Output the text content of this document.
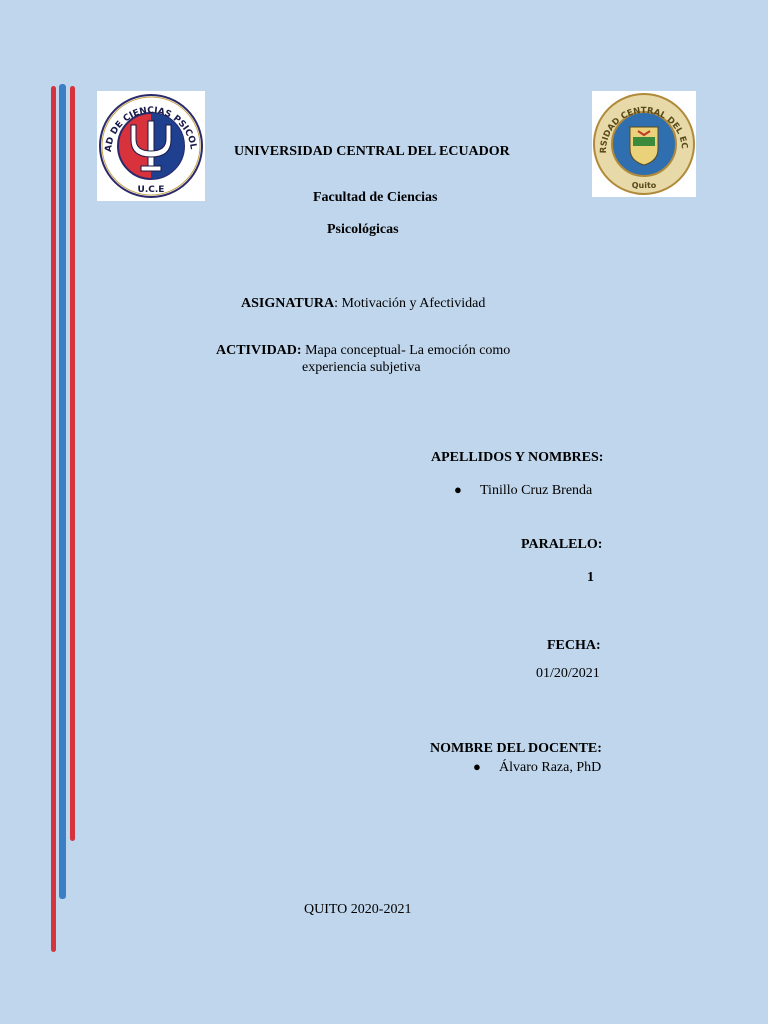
AD DE CIENCIAS PSICOL
U.C.E
RSIDAD CENTRAL DEL EC
Quito
UNIVERSIDAD CENTRAL DEL ECUADOR
Facultad de Ciencias
Psicológicas
ASIGNATURA: Motivación y Afectividad
ACTIVIDAD: Mapa conceptual- La emoción como
experiencia subjetiva
APELLIDOS Y NOMBRES:
● Tinillo Cruz Brenda
PARALELO:
1
FECHA:
01/20/2021
NOMBRE DEL DOCENTE:
● Álvaro Raza, PhD
QUITO 2020-2021
